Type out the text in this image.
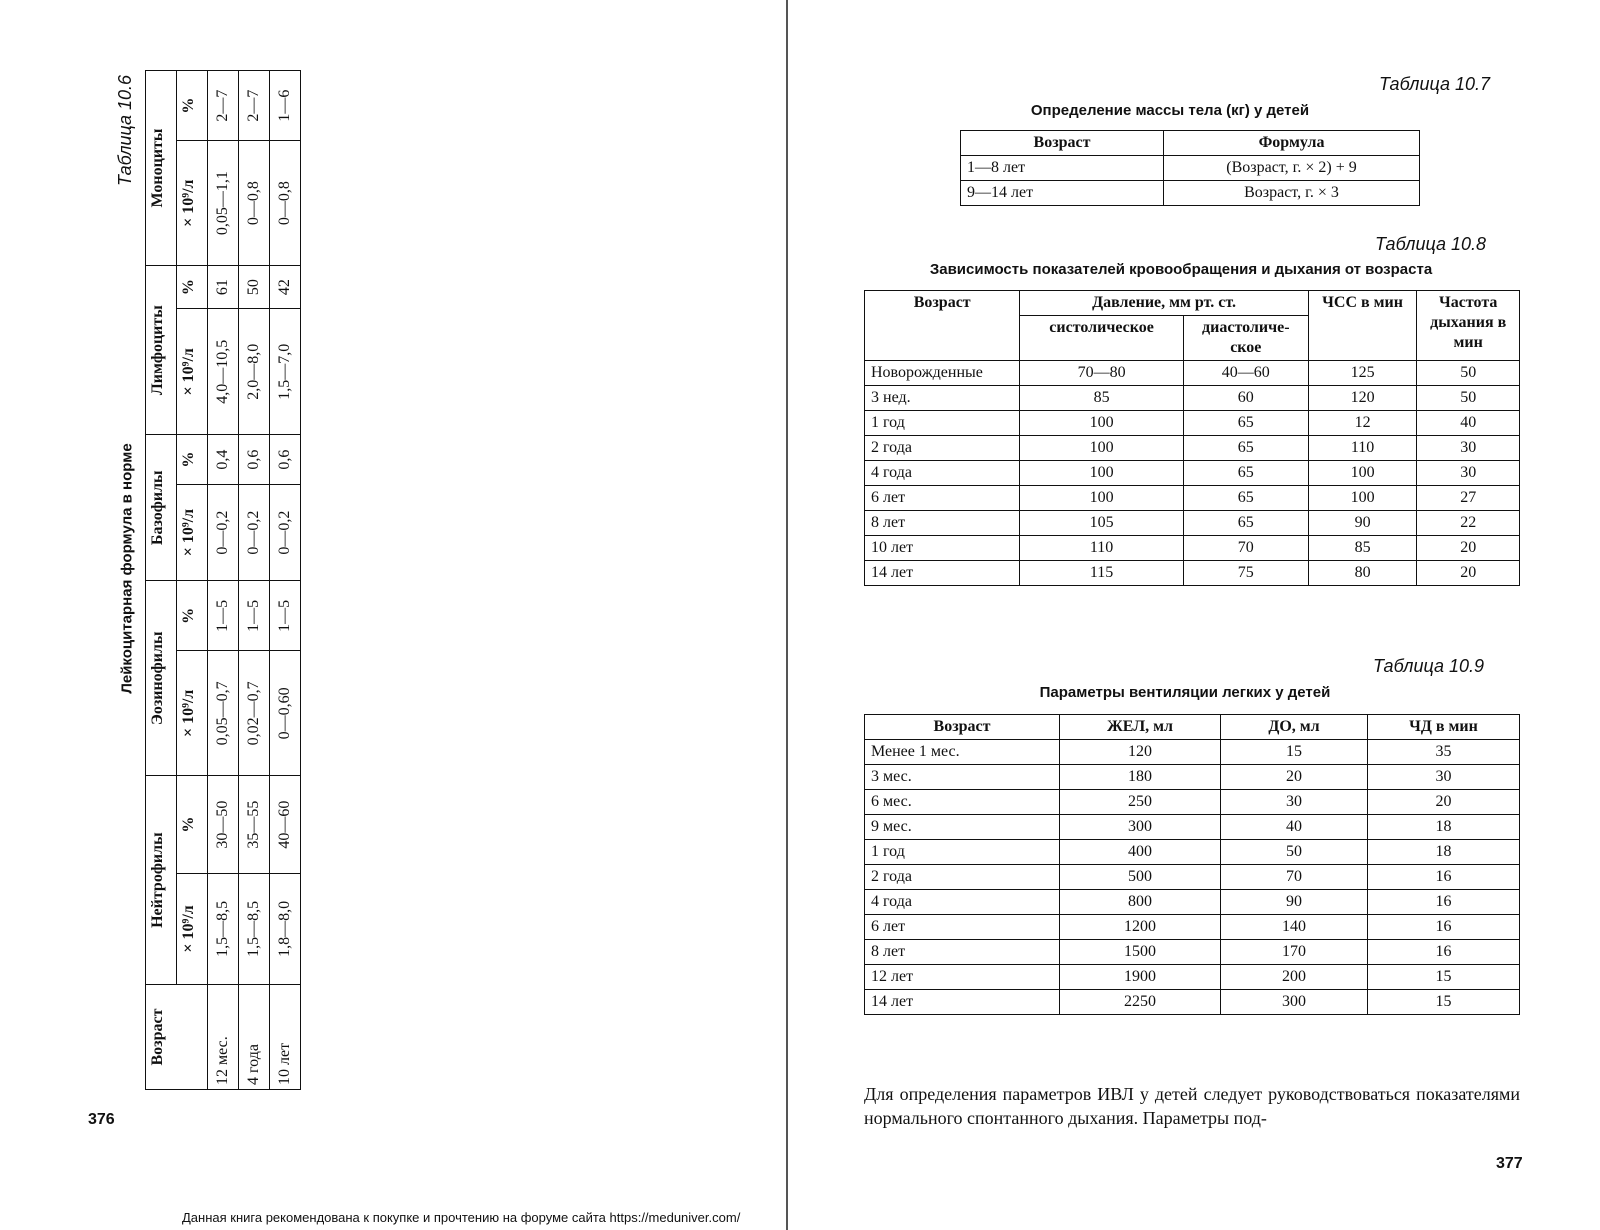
Таблица 10.6
Лейкоцитарная формула в норме
Возраст	Нейтрофилы		Эозинофилы		Базофилы		Лимфоциты		Моноциты	
	× 10⁹/л	%	× 10⁹/л	%	× 10⁹/л	%	× 10⁹/л	%	× 10⁹/л	%
12 мес.	1,5—8,5	30—50	0,05—0,7	1—5	0—0,2	0,4	4,0—10,5	61	0,05—1,1	2—7
4 года	1,5—8,5	35—55	0,02—0,7	1—5	0—0,2	0,6	2,0—8,0	50	0—0,8	2—7
10 лет	1,8—8,0	40—60	0—0,60	1—5	0—0,2	0,6	1,5—7,0	42	0—0,8	1—6
376
Таблица 10.7
Определение массы тела (кг) у детей
Возраст	Формула
1—8 лет	(Возраст, г. × 2) + 9
9—14 лет	Возраст, г. × 3
Таблица 10.8
Зависимость показателей кровообращения и дыхания от возраста
Возраст	Давление, мм рт. ст.		ЧСС в мин	Частота дыхания в мин
	систолическое	диастоличе-ское		
Новорожденные	70—80	40—60	125	50
3 нед.	85	60	120	50
1 год	100	65	12	40
2 года	100	65	110	30
4 года	100	65	100	30
6 лет	100	65	100	27
8 лет	105	65	90	22
10 лет	110	70	85	20
14 лет	115	75	80	20
Таблица 10.9
Параметры вентиляции легких у детей
Возраст	ЖЕЛ, мл	ДО, мл	ЧД в мин
Менее 1 мес.	120	15	35
3 мес.	180	20	30
6 мес.	250	30	20
9 мес.	300	40	18
1 год	400	50	18
2 года	500	70	16
4 года	800	90	16
6 лет	1200	140	16
8 лет	1500	170	16
12 лет	1900	200	15
14 лет	2250	300	15
Для определения параметров ИВЛ у детей следует руководствоваться показателями нормального спонтанного дыхания. Параметры под-
377
Данная книга рекомендована к покупке и прочтению на форуме сайта https://meduniver.com/
